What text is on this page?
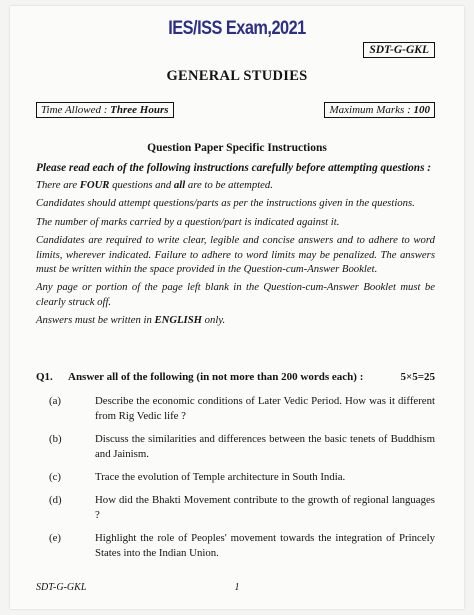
IES/ISS Exam,2021
SDT-G-GKL
GENERAL STUDIES
Time Allowed : Three Hours	Maximum Marks : 100
Question Paper Specific Instructions

Please read each of the following instructions carefully before attempting questions :

There are FOUR questions and all are to be attempted.

Candidates should attempt questions/parts as per the instructions given in the questions.

The number of marks carried by a question/part is indicated against it.

Candidates are required to write clear, legible and concise answers and to adhere to word limits, wherever indicated. Failure to adhere to word limits may be penalized. The answers must be written within the space provided in the Question-cum-Answer Booklet.

Any page or portion of the page left blank in the Question-cum-Answer Booklet must be clearly struck off.

Answers must be written in ENGLISH only.

Q1. Answer all of the following (in not more than 200 words each) :	5×5=25
(a)	Describe the economic conditions of Later Vedic Period. How was it different from Rig Vedic life ?
(b)	Discuss the similarities and differences between the basic tenets of Buddhism and Jainism.
(c)	Trace the evolution of Temple architecture in South India.
(d)	How did the Bhakti Movement contribute to the growth of regional languages ?
(e)	Highlight the role of Peoples' movement towards the integration of Princely States into the Indian Union.
SDT-G-GKL	1
